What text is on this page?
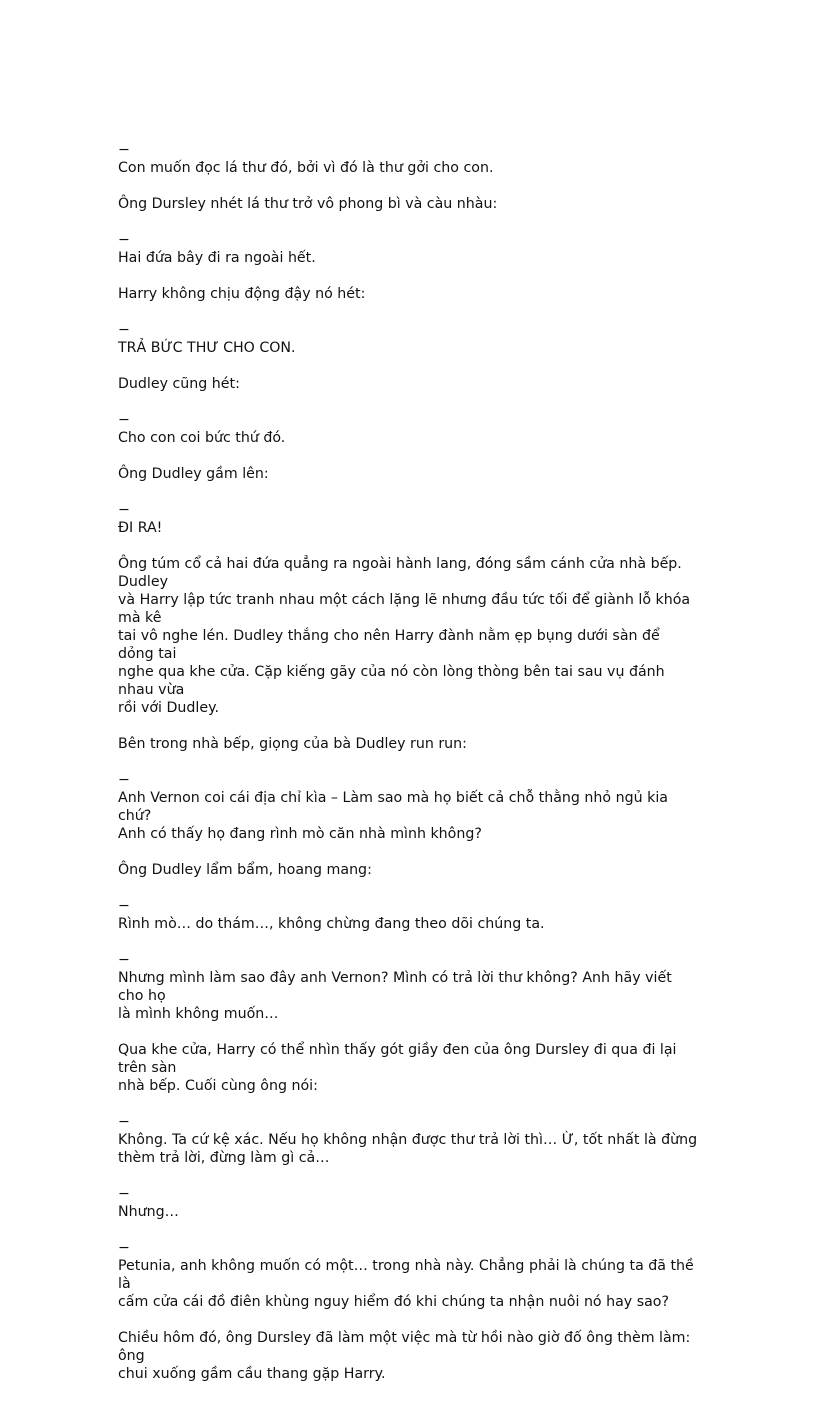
− Con muốn đọc lá thư đó, bởi vì đó là thư gởi cho con.

Ông Dursley nhét lá thư trở vô phong bì và càu nhàu:

− Hai đứa bây đi ra ngoài hết.

Harry không chịu động đậy nó hét:

− TRẢ BỨC THƯ CHO CON.

Dudley cũng hét:

− Cho con coi bức thứ đó.

Ông Dudley gầm lên:

− ĐI RA!

Ông túm cổ cả hai đứa quẳng ra ngoài hành lang, đóng sầm cánh cửa nhà bếp. Dudley
và Harry lập tức tranh nhau một cách lặng lẽ nhưng đầu tức tối để giành lỗ khóa mà kê
tai vô nghe lén. Dudley thắng cho nên Harry đành nằm ẹp bụng dưới sàn để dỏng tai
nghe qua khe cửa. Cặp kiếng gãy của nó còn lòng thòng bên tai sau vụ đánh nhau vừa
rồi với Dudley.

Bên trong nhà bếp, giọng của bà Dudley run run:

− Anh Vernon coi cái địa chỉ kìa – Làm sao mà họ biết cả chỗ thằng nhỏ ngủ kia chứ?
Anh có thấy họ đang rình mò căn nhà mình không?

Ông Dudley lẩm bẩm, hoang mang:

− Rình mò… do thám…, không chừng đang theo dõi chúng ta.

− Nhưng mình làm sao đây anh Vernon? Mình có trả lời thư không? Anh hãy viết cho họ
là mình không muốn…

Qua khe cửa, Harry có thể nhìn thấy gót giầy đen của ông Dursley đi qua đi lại trên sàn
nhà bếp. Cuối cùng ông nói:

− Không. Ta cứ kệ xác. Nếu họ không nhận được thư trả lời thì… Ừ, tốt nhất là đừng
thèm trả lời, đừng làm gì cả…

− Nhưng…

− Petunia, anh không muốn có một… trong nhà này. Chẳng phải là chúng ta đã thề là
cấm cửa cái đồ điên khùng nguy hiểm đó khi chúng ta nhận nuôi nó hay sao?

Chiều hôm đó, ông Dursley đã làm một việc mà từ hồi nào giờ đố ông thèm làm: ông
chui xuống gầm cầu thang gặp Harry.
